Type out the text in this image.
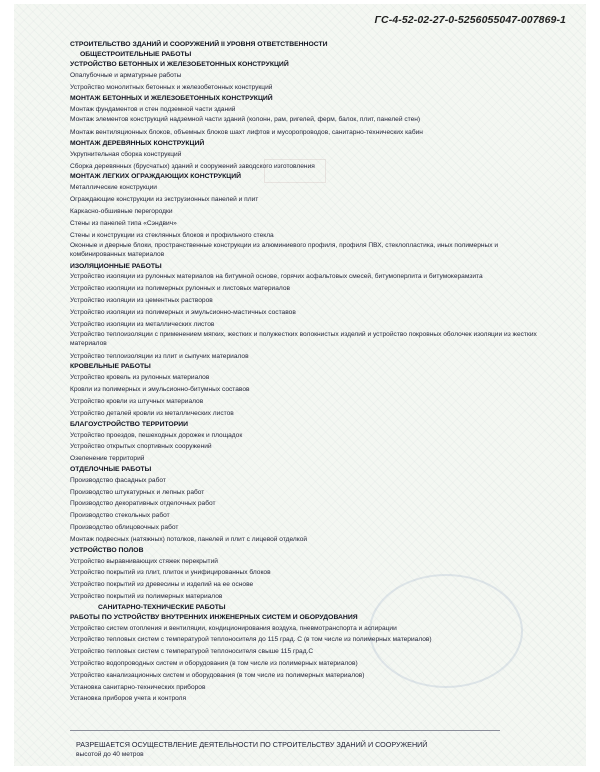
ГС-4-52-02-27-0-5256055047-007869-1
СТРОИТЕЛЬСТВО ЗДАНИЙ И СООРУЖЕНИЙ II УРОВНЯ ОТВЕТСТВЕННОСТИ
ОБЩЕСТРОИТЕЛЬНЫЕ РАБОТЫ
УСТРОЙСТВО БЕТОННЫХ И ЖЕЛЕЗОБЕТОННЫХ КОНСТРУКЦИЙ
Опалубочные и арматурные работы
Устройство монолитных бетонных и железобетонных конструкций
МОНТАЖ БЕТОННЫХ И ЖЕЛЕЗОБЕТОННЫХ КОНСТРУКЦИЙ
Монтаж фундаментов и стен подземной части зданий
Монтаж элементов конструкций надземной части зданий (колонн, рам, ригелей, ферм, балок, плит, панелей стен)
Монтаж вентиляционных блоков, объемных блоков шахт лифтов и мусоропроводов, санитарно-технических кабин
МОНТАЖ ДЕРЕВЯННЫХ КОНСТРУКЦИЙ
Укрупнительная сборка конструкций
Сборка деревянных (брусчатых) зданий и сооружений заводского изготовления
МОНТАЖ ЛЕГКИХ ОГРАЖДАЮЩИХ КОНСТРУКЦИЙ
Металлические конструкции
Ограждающие конструкции из экструзионных панелей и плит
Каркасно-обшивные перегородки
Стены из панелей типа «Сэндвич»
Стены и конструкции из стеклянных блоков и профильного стекла
Оконные и дверные блоки, пространственные конструкции из алюминиевого профиля, профиля ПВХ, стеклопластика, иных полимерных и комбинированных материалов
ИЗОЛЯЦИОННЫЕ РАБОТЫ
Устройство изоляции из рулонных материалов на битумной основе, горячих асфальтовых смесей, битумоперлита и битумокерамзита
Устройство изоляции из полимерных рулонных и листовых материалов
Устройство изоляции из цементных растворов
Устройство изоляции из полимерных и эмульсионно-мастичных составов
Устройство изоляции из металлических листов
Устройство теплоизоляции с применением мягких, жестких и полужестких волокнистых изделий и устройство покровных оболочек изоляции из жестких материалов
Устройство теплоизоляции из плит и сыпучих материалов
КРОВЕЛЬНЫЕ РАБОТЫ
Устройство кровель из рулонных материалов
Кровли из полимерных и эмульсионно-битумных составов
Устройство кровли из штучных материалов
Устройство деталей кровли из металлических листов
БЛАГОУСТРОЙСТВО ТЕРРИТОРИИ
Устройство проездов, пешеходных дорожек и площадок
Устройство открытых спортивных сооружений
Озеленение территорий
ОТДЕЛОЧНЫЕ РАБОТЫ
Производство фасадных работ
Производство штукатурных и лепных работ
Производство декоративных отделочных работ
Производство стекольных работ
Производство облицовочных работ
Монтаж подвесных (натяжных) потолков, панелей и плит с лицевой отделкой
УСТРОЙСТВО ПОЛОВ
Устройство выравнивающих стяжек перекрытий
Устройство покрытий из плит, плиток и унифицированных блоков
Устройство покрытий из древесины и изделий на ее основе
Устройство покрытий из полимерных материалов
САНИТАРНО-ТЕХНИЧЕСКИЕ РАБОТЫ
РАБОТЫ ПО УСТРОЙСТВУ ВНУТРЕННИХ ИНЖЕНЕРНЫХ СИСТЕМ И ОБОРУДОВАНИЯ
Устройство систем отопления и вентиляции, кондиционирования воздуха, пневмотранспорта и аспирации
Устройство тепловых систем с температурой теплоносителя до 115 град. С (в том числе из полимерных материалов)
Устройство тепловых систем с температурой теплоносителя свыше 115 град.С
Устройство водопроводных систем и оборудования (в том числе из полимерных материалов)
Устройство канализационных систем и оборудования (в том числе из полимерных материалов)
Установка санитарно-технических приборов
Установка приборов учета и контроля
РАЗРЕШАЕТСЯ ОСУЩЕСТВЛЕНИЕ ДЕЯТЕЛЬНОСТИ ПО СТРОИТЕЛЬСТВУ ЗДАНИЙ И СООРУЖЕНИЙ
высотой до 40 метров
